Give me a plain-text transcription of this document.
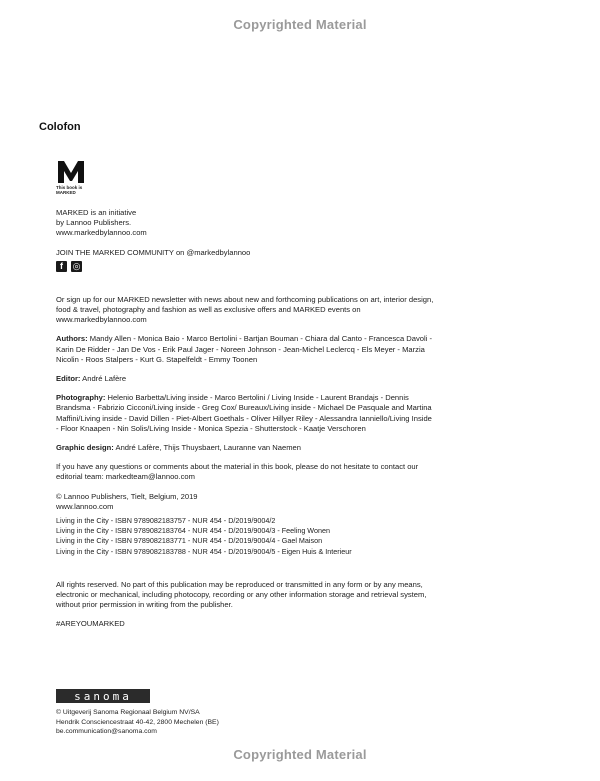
Copyrighted Material
Colofon
This book is
MARKED

MARKED is an initiative

by Lannoo Publishers.

www.markedbylannoo.com

JOIN THE MARKED COMMUNITY on @markedbylannoo

f	◎

Or sign up for our MARKED newsletter with news about new and forthcoming publications on art, interior design, food & travel, photography and fashion as well as exclusive offers and MARKED events on www.markedbylannoo.com

Authors: Mandy Allen - Monica Baio - Marco Bertolini - Bartjan Bouman - Chiara dal Canto - Francesca Davoli - Karin De Ridder - Jan De Vos - Erik Paul Jager - Noreen Johnson - Jean-Michel Leclercq - Els Meyer - Marzia Nicolin - Roos Stalpers - Kurt G. Stapelfeldt - Emmy Toonen

Editor: André Lafère

Photography: Helenio Barbetta/Living inside - Marco Bertolini / Living Inside - Laurent Brandajs - Dennis Brandsma - Fabrizio Cicconi/Living inside - Greg Cox/ Bureaux/Living inside - Michael De Pasquale and Martina Maffini/Living inside - David Dillen - Piet-Albert Goethals - Oliver Hillyer Riley - Alessandra Ianniello/Living Inside - Floor Knaapen - Nin Solis/Living Inside - Monica Spezia - Shutterstock - Kaatje Verschoren

Graphic design: André Lafère, Thijs Thuysbaert, Lauranne van Naemen

If you have any questions or comments about the material in this book, please do not hesitate to contact our editorial team: markedteam@lannoo.com

© Lannoo Publishers, Tielt, Belgium, 2019

www.lannoo.com

Living in the City - ISBN 9789082183757 - NUR 454 - D/2019/9004/2
Living in the City - ISBN 9789082183764 - NUR 454 - D/2019/9004/3 - Feeling Wonen
Living in the City - ISBN 9789082183771 - NUR 454 - D/2019/9004/4 - Gael Maison
Living in the City - ISBN 9789082183788 - NUR 454 - D/2019/9004/5 - Eigen Huis & Interieur

All rights reserved. No part of this publication may be reproduced or transmitted in any form or by any means, electronic or mechanical, including photocopy, recording or any other information storage and retrieval system, without prior permission in writing from the publisher.

#AREYOUMARKED

sanoma
© Uitgeverij Sanoma Regionaal Belgium NV/SA
Hendrik Consciencestraat 40-42, 2800 Mechelen (BE)
be.communication@sanoma.com
Copyrighted Material
